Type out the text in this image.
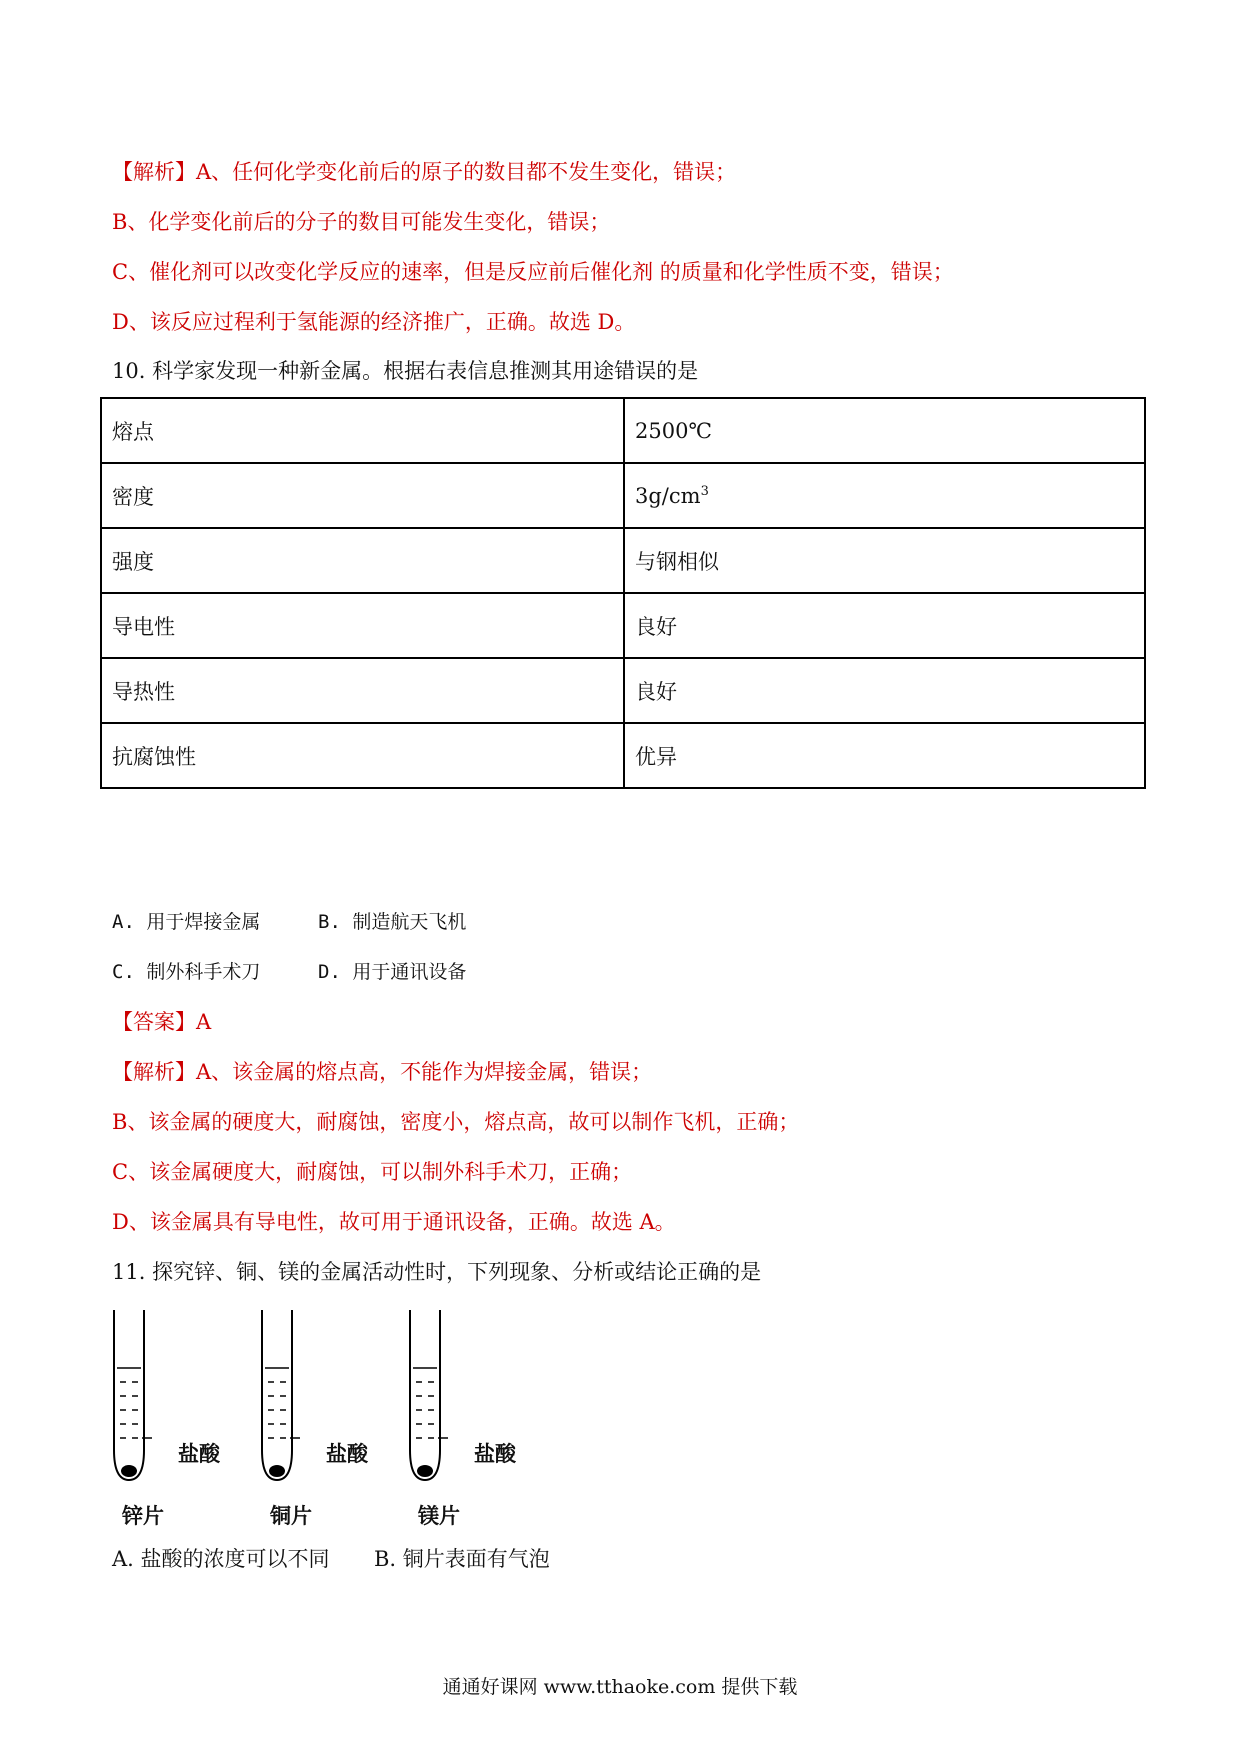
【解析】A、任何化学变化前后的原子的数目都不发生变化，错误；
B、化学变化前后的分子的数目可能发生变化，错误；
C、催化剂可以改变化学反应的速率，但是反应前后催化剂 的质量和化学性质不变，错误；
D、该反应过程利于氢能源的经济推广，正确。故选 D。
10. 科学家发现一种新金属。根据右表信息推测其用途错误的是
熔点	2500℃
密度	$3g/cm^3$
强度	与钢相似
导电性	良好
导热性	良好
抗腐蚀性	优异
A. 用于焊接金属	B. 制造航天飞机
C. 制外科手术刀	D. 用于通讯设备
【答案】A
【解析】A、该金属的熔点高，不能作为焊接金属，错误；
B、该金属的硬度大，耐腐蚀，密度小，熔点高，故可以制作飞机，正确；
C、该金属硬度大，耐腐蚀，可以制外科手术刀，正确；
D、该金属具有导电性，故可用于通讯设备，正确。故选 A。
11. 探究锌、铜、镁的金属活动性时，下列现象、分析或结论正确的是
盐酸
锌片
盐酸
铜片
盐酸
镁片
A. 盐酸的浓度可以不同	B. 铜片表面有气泡
通通好课网 www.tthaoke.com 提供下载
